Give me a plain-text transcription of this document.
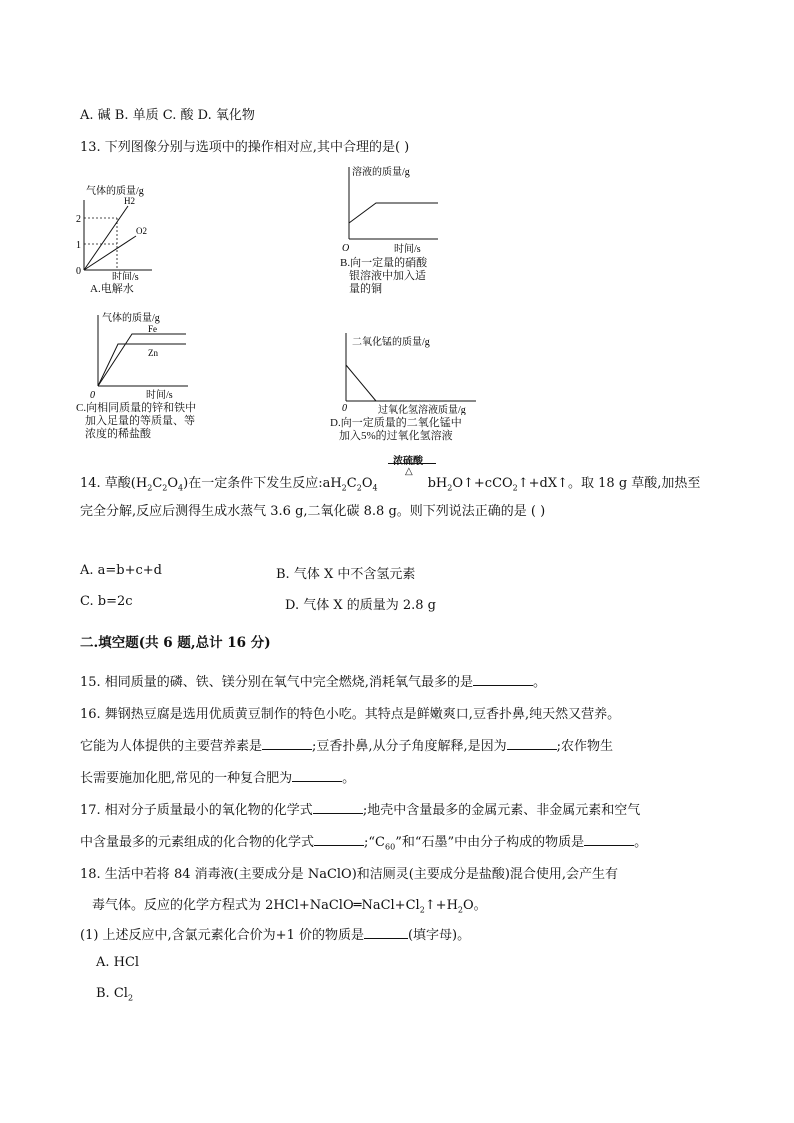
A. 碱 B. 单质 C. 酸 D. 氧化物
13. 下列图像分别与选项中的操作相对应,其中合理的是( )
气体的质量/g
2
1
0
H2
O2
时间/s
A.电解水
溶液的质量/g
O	时间/s
B.向一定量的硝酸
银溶液中加入适
量的铜
气体的质量/g
Fe
Zn
0	时间/s
C.向相同质量的锌和铁中
加入足量的等质量、等
浓度的稀盐酸
二氧化锰的质量/g
0	过氧化氢溶液质量/g
D.向一定质量的二氧化锰中
加入5%的过氧化氢溶液
浓硫酸
△
14. 草酸$(H_2C_2O_4)$在一定条件下发生反应$:aH_2C_2O_4$	$bH_2O↑+cCO_2↑+dX↑$。取 18 g 草酸,加热至
完全分解,反应后测得生成水蒸气 3.6 g,二氧化碳 8.8 g。则下列说法正确的是 ( )
A. a=b+c+d	B. 气体 X 中不含氢元素
C. b=2c	D. 气体 X 的质量为 2.8 g
二.填空题(共 6 题,总计 16 分)
15. 相同质量的磷、铁、镁分别在氧气中完全燃烧,消耗氧气最多的是	。
16. 舞钢热豆腐是选用优质黄豆制作的特色小吃。其特点是鲜嫩爽口,豆香扑鼻,纯天然又营养。
它能为人体提供的主要营养素是	;豆香扑鼻,从分子角度解释,是因为	;农作物生
长需要施加化肥,常见的一种复合肥为	。
17. 相对分子质量最小的氧化物的化学式	;地壳中含量最多的金属元素、非金属元素和空气
中含量最多的元素组成的化合物的化学式	$;“C_{60}$”和“石墨”中由分子构成的物质是	。
18. 生活中若将 84 消毒液(主要成分是 NaClO)和洁厕灵(主要成分是盐酸)混合使用,会产生有
毒气体。反应的化学方程式为 $2HCl+NaClO═NaCl+Cl_2↑+H_2O$。
(1) 上述反应中,含氯元素化合价为+1 价的物质是	(填字母)。
A. HCl
B. $Cl_2$
